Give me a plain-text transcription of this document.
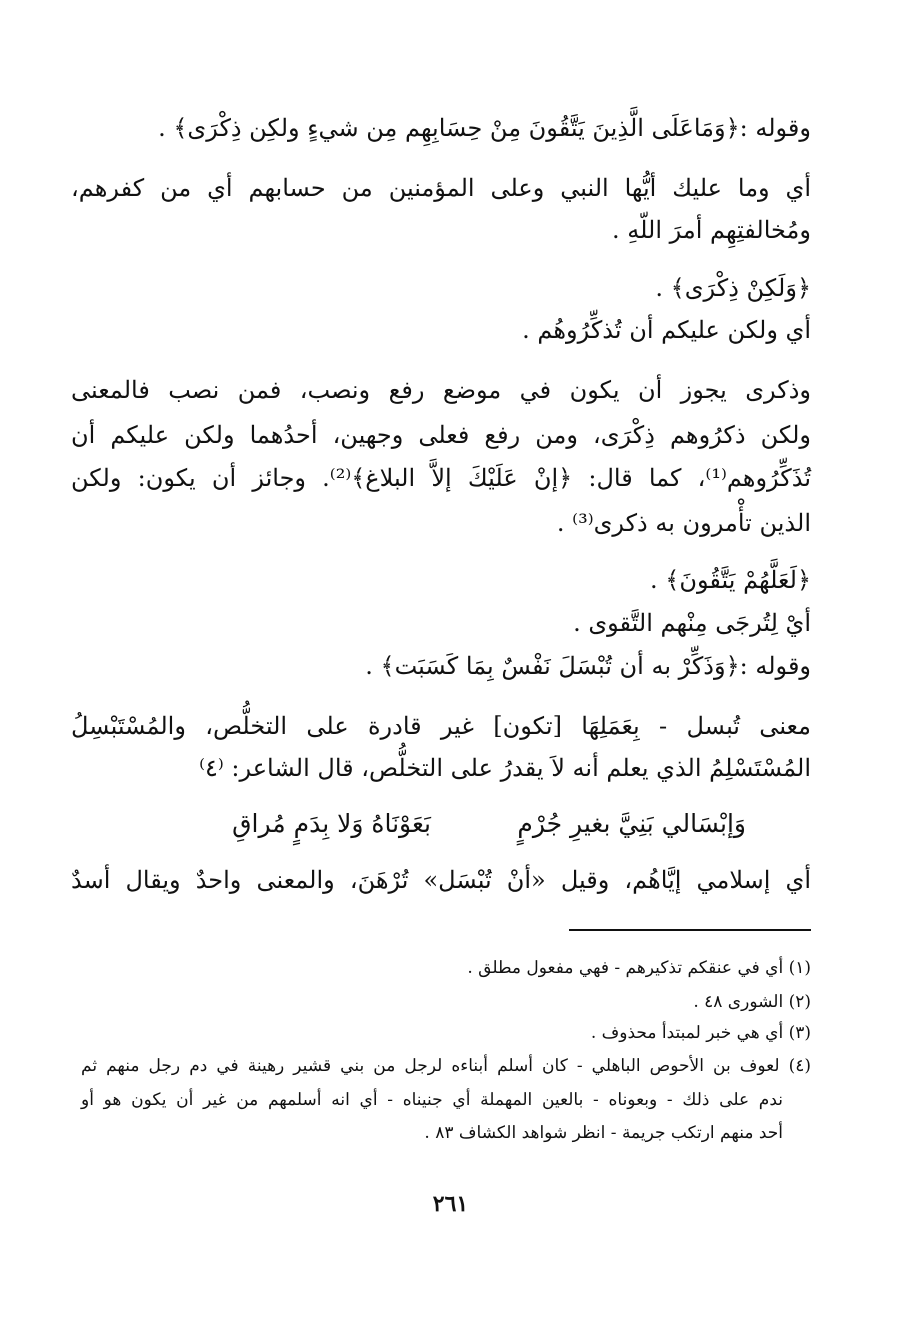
وقوله :﴿وَمَاعَلَى الَّذِينَ يَتَّقُونَ مِنْ حِسَابِهِم مِن شيءٍ ولكِن ذِكْرَى﴾ .
أي وما عليك أيُّها النبي وعلى المؤمنين من حسابهم أي من كفرهم،
ومُخالفتِهِم أمرَ اللّهِ .
﴿وَلَكِنْ ذِكْرَى﴾ .
أي ولكن عليكم أن تُذكِّرُوهُم .
وذكرى يجوز أن يكون في موضع رفع ونصب، فمن نصب فالمعنى
ولكن ذكرُوهم ذِكْرَى، ومن رفع فعلى وجهين، أحدُهما ولكن عليكم أن
تُذَكِّرُوهم⁽¹⁾، كما قال: ﴿إنْ عَلَيْكَ إلاَّ البلاغ﴾⁽²⁾. وجائز أن يكون: ولكن
الذين تأْمرون به ذكرى⁽³⁾ .
﴿لَعَلَّهُمْ يَتَّقُونَ﴾ .
أيْ لِتُرجَى مِنْهم التَّقوى .
وقوله :﴿وَذَكِّرْ به أن تُبْسَلَ نَفْسٌ بِمَا كَسَبَت﴾ .
معنى تُبسل - بِعَمَلِهَا [تكون] غير قادرة على التخلُّص، والمُسْتَبْسِلُ
المُسْتَسْلِمُ الذي يعلم أنه لاَ يقدرُ على التخلُّص، قال الشاعر: ⁽٤⁾
وَإبْسَالي بَنِيَّ بغيرِ جُرْمٍ
بَعَوْنَاهُ وَلا بِدَمٍ مُراقِ
أي إسلامي إيَّاهُم، وقيل «أنْ تُبْسَل» تُرْهَنَ، والمعنى واحدٌ ويقال أسدٌ
(١) أي في عنقكم تذكيرهم - فهي مفعول مطلق .
(٢) الشورى ٤٨ .
(٣) أي هي خبر لمبتدأ محذوف .
(٤) لعوف بن الأحوص الباهلي - كان أسلم أبناءه لرجل من بني قشير رهينة في دم رجل منهم ثم
ندم على ذلك - وبعوناه - بالعين المهملة أي جنيناه - أي انه أسلمهم من غير أن يكون هو أو
أحد منهم ارتكب جريمة - انظر شواهد الكشاف ٨٣ .
٢٦١
